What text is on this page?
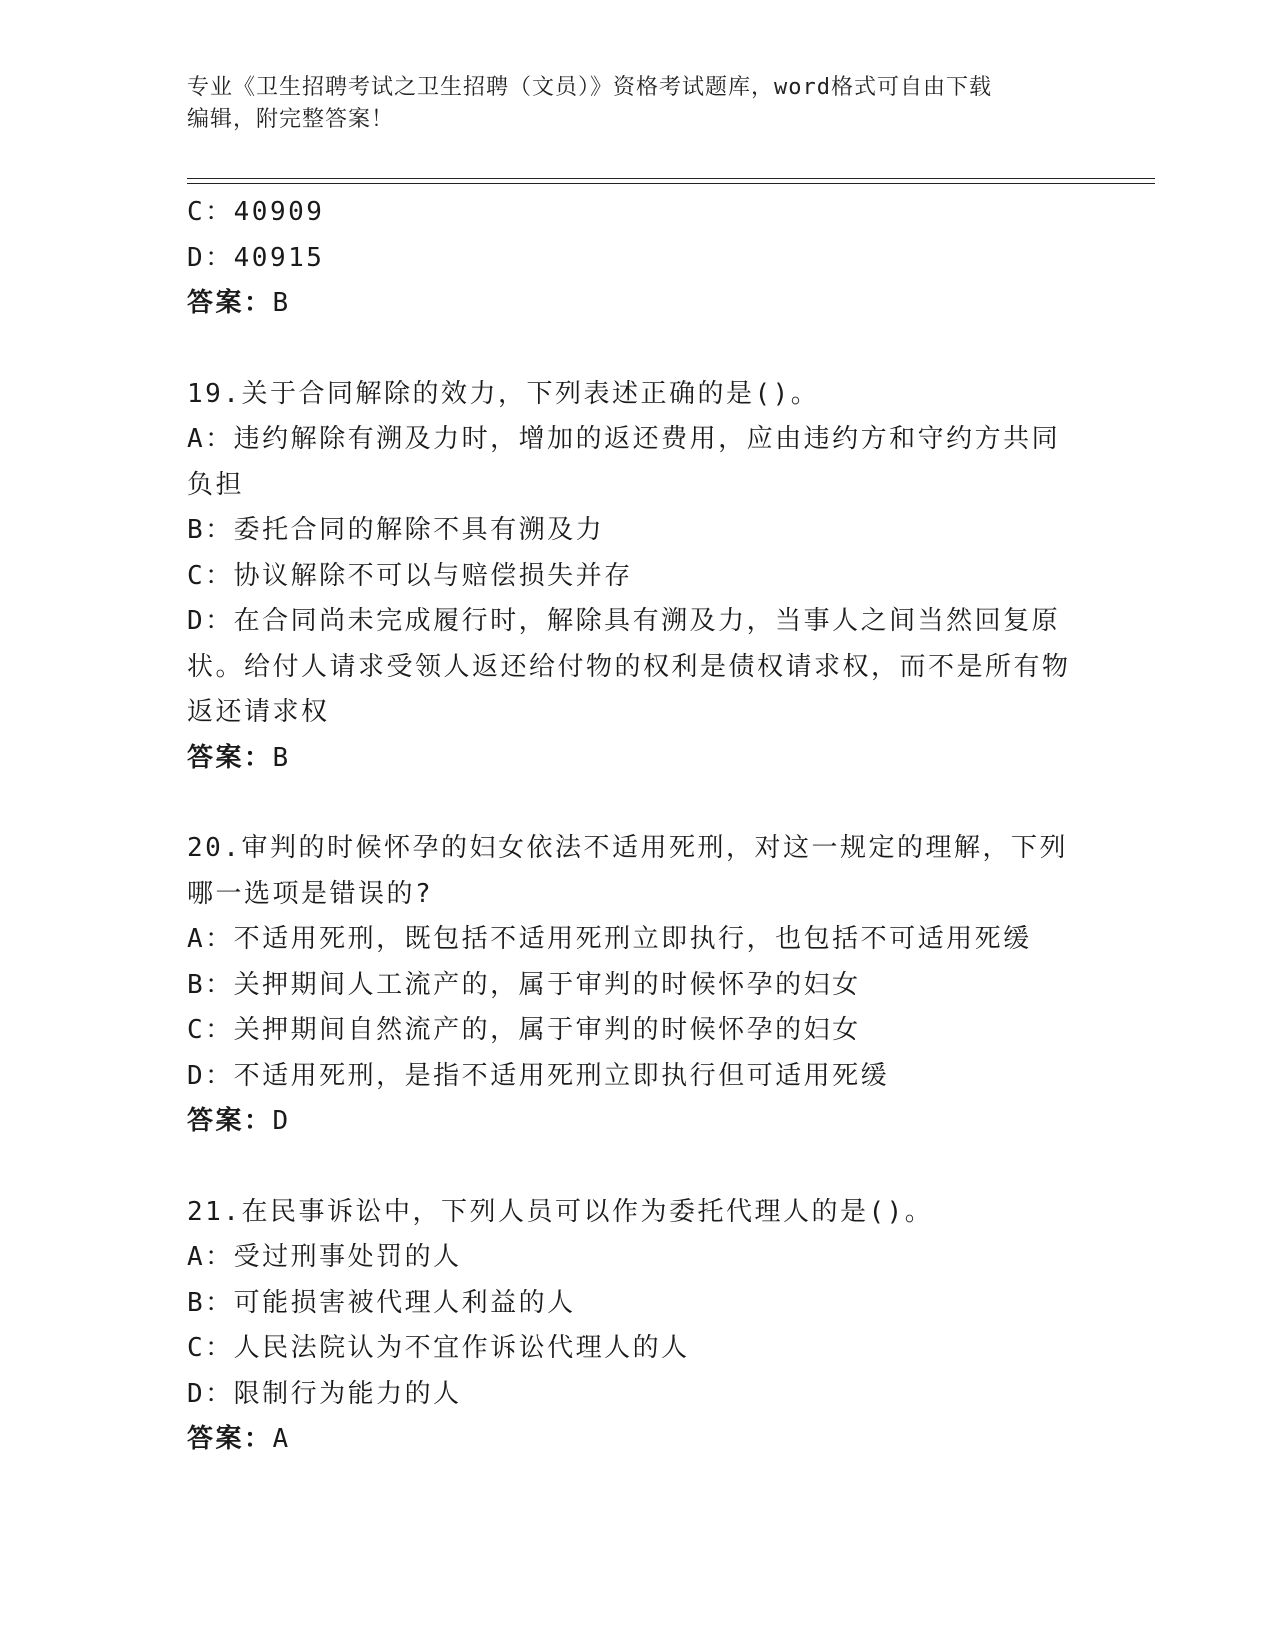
专业《卫生招聘考试之卫生招聘（文员）》资格考试题库，word格式可自由下载
编辑，附完整答案！
C：40909
D：40915
答案：B
19.关于合同解除的效力，下列表述正确的是()。
A：违约解除有溯及力时，增加的返还费用，应由违约方和守约方共同负担
B：委托合同的解除不具有溯及力
C：协议解除不可以与赔偿损失并存
D：在合同尚未完成履行时，解除具有溯及力，当事人之间当然回复原状。给付人请求受领人返还给付物的权利是债权请求权，而不是所有物返还请求权
答案：B
20.审判的时候怀孕的妇女依法不适用死刑，对这一规定的理解，下列哪一选项是错误的?
A：不适用死刑，既包括不适用死刑立即执行，也包括不可适用死缓
B：关押期间人工流产的，属于审判的时候怀孕的妇女
C：关押期间自然流产的，属于审判的时候怀孕的妇女
D：不适用死刑，是指不适用死刑立即执行但可适用死缓
答案：D
21.在民事诉讼中，下列人员可以作为委托代理人的是()。
A：受过刑事处罚的人
B：可能损害被代理人利益的人
C：人民法院认为不宜作诉讼代理人的人
D：限制行为能力的人
答案：A
